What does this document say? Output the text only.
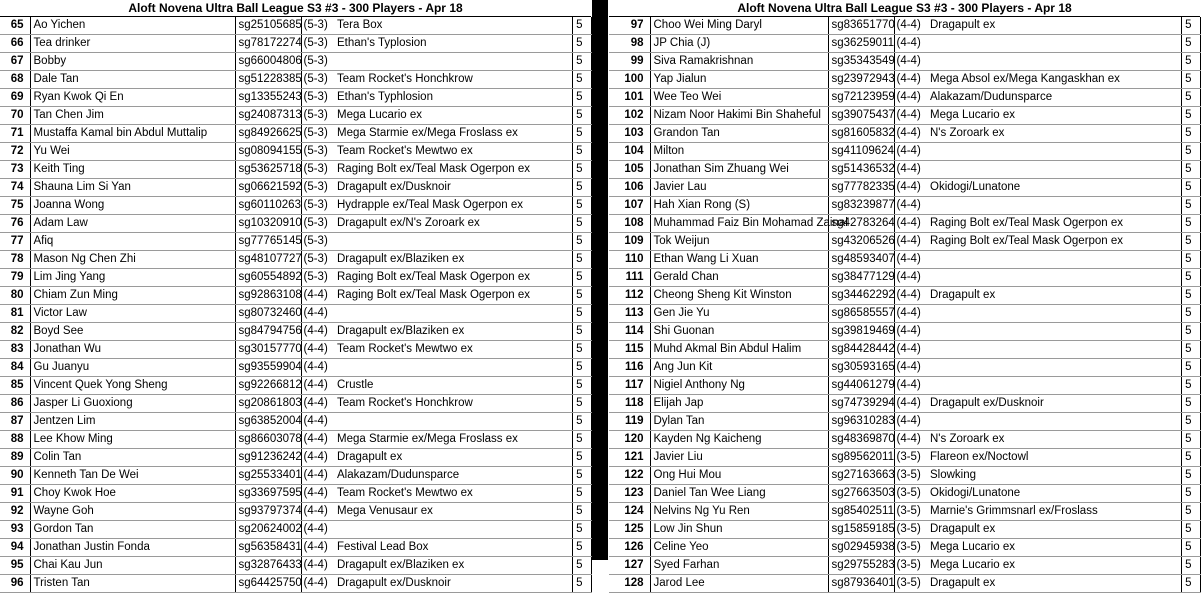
Aloft Novena Ultra Ball League S3 #3 - 300 Players - Apr 18
65	Ao Yichen	sg25105685	(5-3)	Tera Box	5
66	Tea drinker	sg78172274	(5-3)	Ethan's Typlosion	5
67	Bobby	sg66004806	(5-3)		5
68	Dale Tan	sg51228385	(5-3)	Team Rocket's Honchkrow	5
69	Ryan Kwok Qi En	sg13355243	(5-3)	Ethan's Typhlosion	5
70	Tan Chen Jim	sg24087313	(5-3)	Mega Lucario ex	5
71	Mustaffa Kamal bin Abdul Muttalip	sg84926625	(5-3)	Mega Starmie ex/Mega Froslass ex	5
72	Yu Wei	sg08094155	(5-3)	Team Rocket's Mewtwo ex	5
73	Keith Ting	sg53625718	(5-3)	Raging Bolt ex/Teal Mask Ogerpon ex	5
74	Shauna Lim Si Yan	sg06621592	(5-3)	Dragapult ex/Dusknoir	5
75	Joanna Wong	sg60110263	(5-3)	Hydrapple ex/Teal Mask Ogerpon ex	5
76	Adam Law	sg10320910	(5-3)	Dragapult ex/N's Zoroark ex	5
77	Afiq	sg77765145	(5-3)		5
78	Mason Ng Chen Zhi	sg48107727	(5-3)	Dragapult ex/Blaziken ex	5
79	Lim Jing Yang	sg60554892	(5-3)	Raging Bolt ex/Teal Mask Ogerpon ex	5
80	Chiam Zun Ming	sg92863108	(4-4)	Raging Bolt ex/Teal Mask Ogerpon ex	5
81	Victor Law	sg80732460	(4-4)		5
82	Boyd See	sg84794756	(4-4)	Dragapult ex/Blaziken ex	5
83	Jonathan Wu	sg30157770	(4-4)	Team Rocket's Mewtwo ex	5
84	Gu Juanyu	sg93559904	(4-4)		5
85	Vincent Quek Yong Sheng	sg92266812	(4-4)	Crustle	5
86	Jasper Li Guoxiong	sg20861803	(4-4)	Team Rocket's Honchkrow	5
87	Jentzen Lim	sg63852004	(4-4)		5
88	Lee Khow Ming	sg86603078	(4-4)	Mega Starmie ex/Mega Froslass ex	5
89	Colin Tan	sg91236242	(4-4)	Dragapult ex	5
90	Kenneth Tan De Wei	sg25533401	(4-4)	Alakazam/Dudunsparce	5
91	Choy Kwok Hoe	sg33697595	(4-4)	Team Rocket's Mewtwo ex	5
92	Wayne Goh	sg93797374	(4-4)	Mega Venusaur ex	5
93	Gordon Tan	sg20624002	(4-4)		5
94	Jonathan Justin Fonda	sg56358431	(4-4)	Festival Lead Box	5
95	Chai Kau Jun	sg32876433	(4-4)	Dragapult ex/Blaziken ex	5
96	Tristen Tan	sg64425750	(4-4)	Dragapult ex/Dusknoir	5
Aloft Novena Ultra Ball League S3 #3 - 300 Players - Apr 18
97	Choo Wei Ming Daryl	sg83651770	(4-4)	Dragapult ex	5
98	JP Chia (J)	sg36259011	(4-4)		5
99	Siva Ramakrishnan	sg35343549	(4-4)		5
100	Yap Jialun	sg23972943	(4-4)	Mega Absol ex/Mega Kangaskhan ex	5
101	Wee Teo Wei	sg72123959	(4-4)	Alakazam/Dudunsparce	5
102	Nizam Noor Hakimi Bin Shaheful	sg39075437	(4-4)	Mega Lucario ex	5
103	Grandon Tan	sg81605832	(4-4)	N's Zoroark ex	5
104	Milton	sg41109624	(4-4)		5
105	Jonathan Sim Zhuang Wei	sg51436532	(4-4)		5
106	Javier Lau	sg77782335	(4-4)	Okidogi/Lunatone	5
107	Hah Xian Rong (S)	sg83239877	(4-4)		5
108	Muhammad Faiz Bin Mohamad Zainal	sg42783264	(4-4)	Raging Bolt ex/Teal Mask Ogerpon ex	5
109	Tok Weijun	sg43206526	(4-4)	Raging Bolt ex/Teal Mask Ogerpon ex	5
110	Ethan Wang Li Xuan	sg48593407	(4-4)		5
111	Gerald Chan	sg38477129	(4-4)		5
112	Cheong Sheng Kit Winston	sg34462292	(4-4)	Dragapult ex	5
113	Gen Jie Yu	sg86585557	(4-4)		5
114	Shi Guonan	sg39819469	(4-4)		5
115	Muhd Akmal Bin Abdul Halim	sg84428442	(4-4)		5
116	Ang Jun Kit	sg30593165	(4-4)		5
117	Nigiel Anthony Ng	sg44061279	(4-4)		5
118	Elijah Jap	sg74739294	(4-4)	Dragapult ex/Dusknoir	5
119	Dylan Tan	sg96310283	(4-4)		5
120	Kayden Ng Kaicheng	sg48369870	(4-4)	N's Zoroark ex	5
121	Javier Liu	sg89562011	(3-5)	Flareon ex/Noctowl	5
122	Ong Hui Mou	sg27163663	(3-5)	Slowking	5
123	Daniel Tan Wee Liang	sg27663503	(3-5)	Okidogi/Lunatone	5
124	Nelvins Ng Yu Ren	sg85402511	(3-5)	Marnie's Grimmsnarl ex/Froslass	5
125	Low Jin Shun	sg15859185	(3-5)	Dragapult ex	5
126	Celine Yeo	sg02945938	(3-5)	Mega Lucario ex	5
127	Syed Farhan	sg29755283	(3-5)	Mega Lucario ex	5
128	Jarod Lee	sg87936401	(3-5)	Dragapult ex	5
